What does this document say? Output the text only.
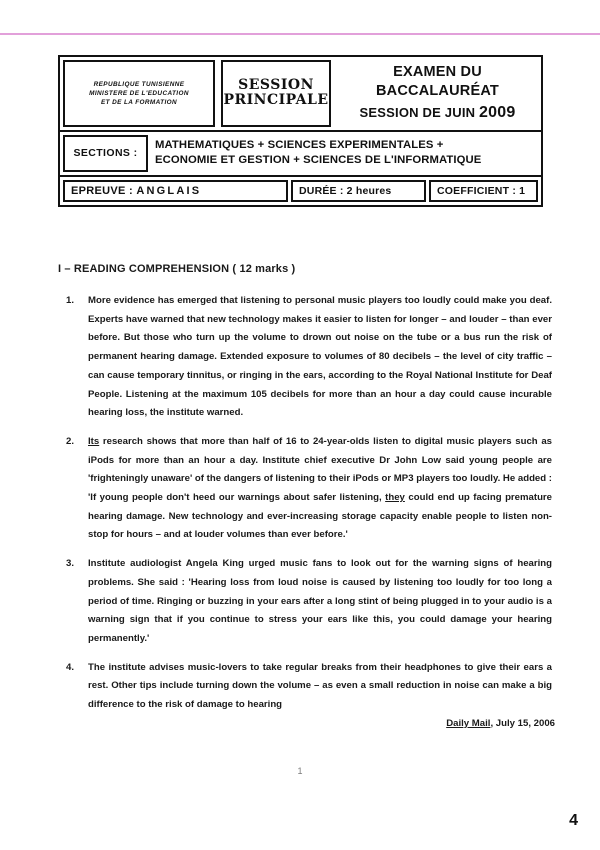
REPUBLIQUE TUNISIENNE
MINISTERE DE L'EDUCATION
ET DE LA FORMATION
SESSION
PRINCIPALE
EXAMEN DU BACCALAURÉAT
SESSION DE JUIN 2009
SECTIONS :
MATHEMATIQUES + SCIENCES EXPERIMENTALES +
ECONOMIE ET GESTION + SCIENCES DE L'INFORMATIQUE
EPREUVE : ANGLAIS	DURÉE : 2 heures	COEFFICIENT : 1
I – READING COMPREHENSION ( 12 marks )
1.	More evidence has emerged that listening to personal music players too loudly could make you deaf. Experts have warned that new technology makes it easier to listen for longer – and louder – than ever before. But those who turn up the volume to drown out noise on the tube or a bus run the risk of permanent hearing damage. Extended exposure to volumes of 80 decibels – the level of city traffic – can cause temporary tinnitus, or ringing in the ears, according to the Royal National Institute for Deaf People. Listening at the maximum 105 decibels for more than an hour a day could cause incurable hearing loss, the institute warned.
2.	Its research shows that more than half of 16 to 24-year-olds listen to digital music players such as iPods for more than an hour a day. Institute chief executive Dr John Low said young people are 'frighteningly unaware' of the dangers of listening to their iPods or MP3 players too loudly. He added : 'If young people don't heed our warnings about safer listening, they could end up facing premature hearing damage. New technology and ever-increasing storage capacity enable people to listen non-stop for hours – and at louder volumes than ever before.'
3.	Institute audiologist Angela King urged music fans to look out for the warning signs of hearing problems. She said : 'Hearing loss from loud noise is caused by listening too loudly for too long a period of time. Ringing or buzzing in your ears after a long stint of being plugged in to your audio is a warning sign that if you continue to stress your ears like this, you could damage your hearing permanently.'
4.	The institute advises music-lovers to take regular breaks from their headphones to give their ears a rest. Other tips include turning down the volume – as even a small reduction in noise can make a big difference to the risk of damage to hearing
Daily Mail, July 15, 2006
1
4
